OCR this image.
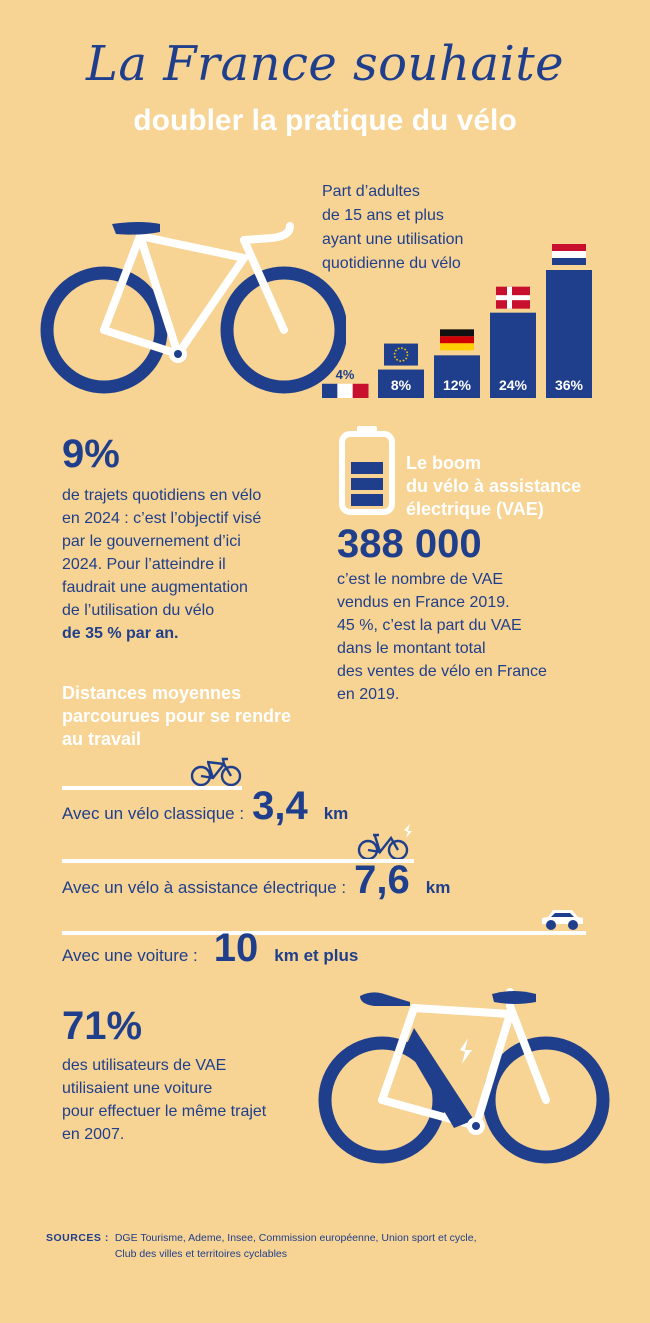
La France souhaite
doubler la pratique du vélo
Part d’adultes
de 15 ans et plus
ayant une utilisation
quotidienne du vélo
4%
8% 12% 24% 36%
9%
de trajets quotidiens en vélo
en 2024 : c’est l’objectif visé
par le gouvernement d’ici
2024. Pour l’atteindre il
faudrait une augmentation
de l’utilisation du vélo
de 35 % par an.
Le boom
du vélo à assistance
électrique (VAE)
388 000
c’est le nombre de VAE
vendus en France 2019.
45 %, c’est la part du VAE
dans le montant total
des ventes de vélo en France
en 2019.
Distances moyennes
parcourues pour se rendre
au travail
Avec un vélo classique : 3,4 km
Avec un vélo à assistance électrique : 7,6 km
Avec une voiture : 10 km et plus
71%
des utilisateurs de VAE
utilisaient une voiture
pour effectuer le même trajet
en 2007.
SOURCES : DGE Tourisme, Ademe, Insee, Commission européenne, Union sport et cycle,
Club des villes et territoires cyclables
